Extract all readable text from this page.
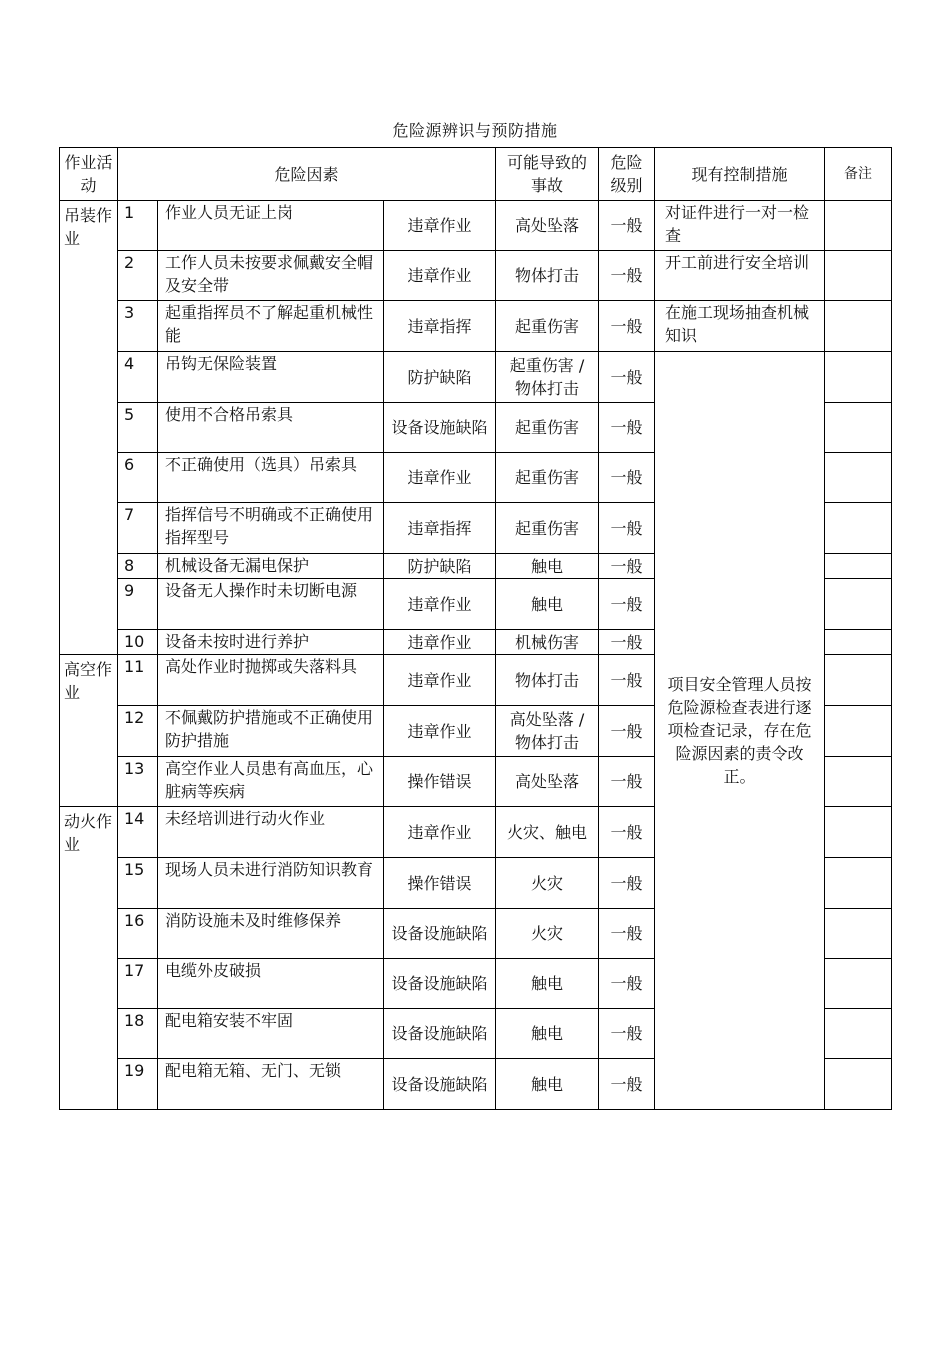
危险源辨识与预防措施
作业活动	危险因素			可能导致的事故	危险级别	现有控制措施	备注
吊装作业	1	作业人员无证上岗	违章作业	高处坠落	一般	对证件进行一对一检查	
	2	工作人员未按要求佩戴安全帽及安全带	违章作业	物体打击	一般	开工前进行安全培训	
	3	起重指挥员不了解起重机械性能	违章指挥	起重伤害	一般	在施工现场抽查机械知识	
	4	吊钩无保险装置	防护缺陷	起重伤害 / 物体打击	一般	项目安全管理人员按危险源检查表进行逐项检查记录，存在危险源因素的责令改正。	
	5	使用不合格吊索具	设备设施缺陷	起重伤害	一般		
	6	不正确使用（选具）吊索具	违章作业	起重伤害	一般		
	7	指挥信号不明确或不正确使用指挥型号	违章指挥	起重伤害	一般		
	8	机械设备无漏电保护	防护缺陷	触电	一般		
	9	设备无人操作时未切断电源	违章作业	触电	一般		
	10	设备未按时进行养护	违章作业	机械伤害	一般		
高空作业	11	高处作业时抛掷或失落料具	违章作业	物体打击	一般		
	12	不佩戴防护措施或不正确使用防护措施	违章作业	高处坠落 / 物体打击	一般		
	13	高空作业人员患有高血压，心脏病等疾病	操作错误	高处坠落	一般		
动火作业	14	未经培训进行动火作业	违章作业	火灾、触电	一般		
	15	现场人员未进行消防知识教育	操作错误	火灾	一般		
	16	消防设施未及时维修保养	设备设施缺陷	火灾	一般		
	17	电缆外皮破损	设备设施缺陷	触电	一般		
	18	配电箱安装不牢固	设备设施缺陷	触电	一般		
	19	配电箱无箱、无门、无锁	设备设施缺陷	触电	一般		
